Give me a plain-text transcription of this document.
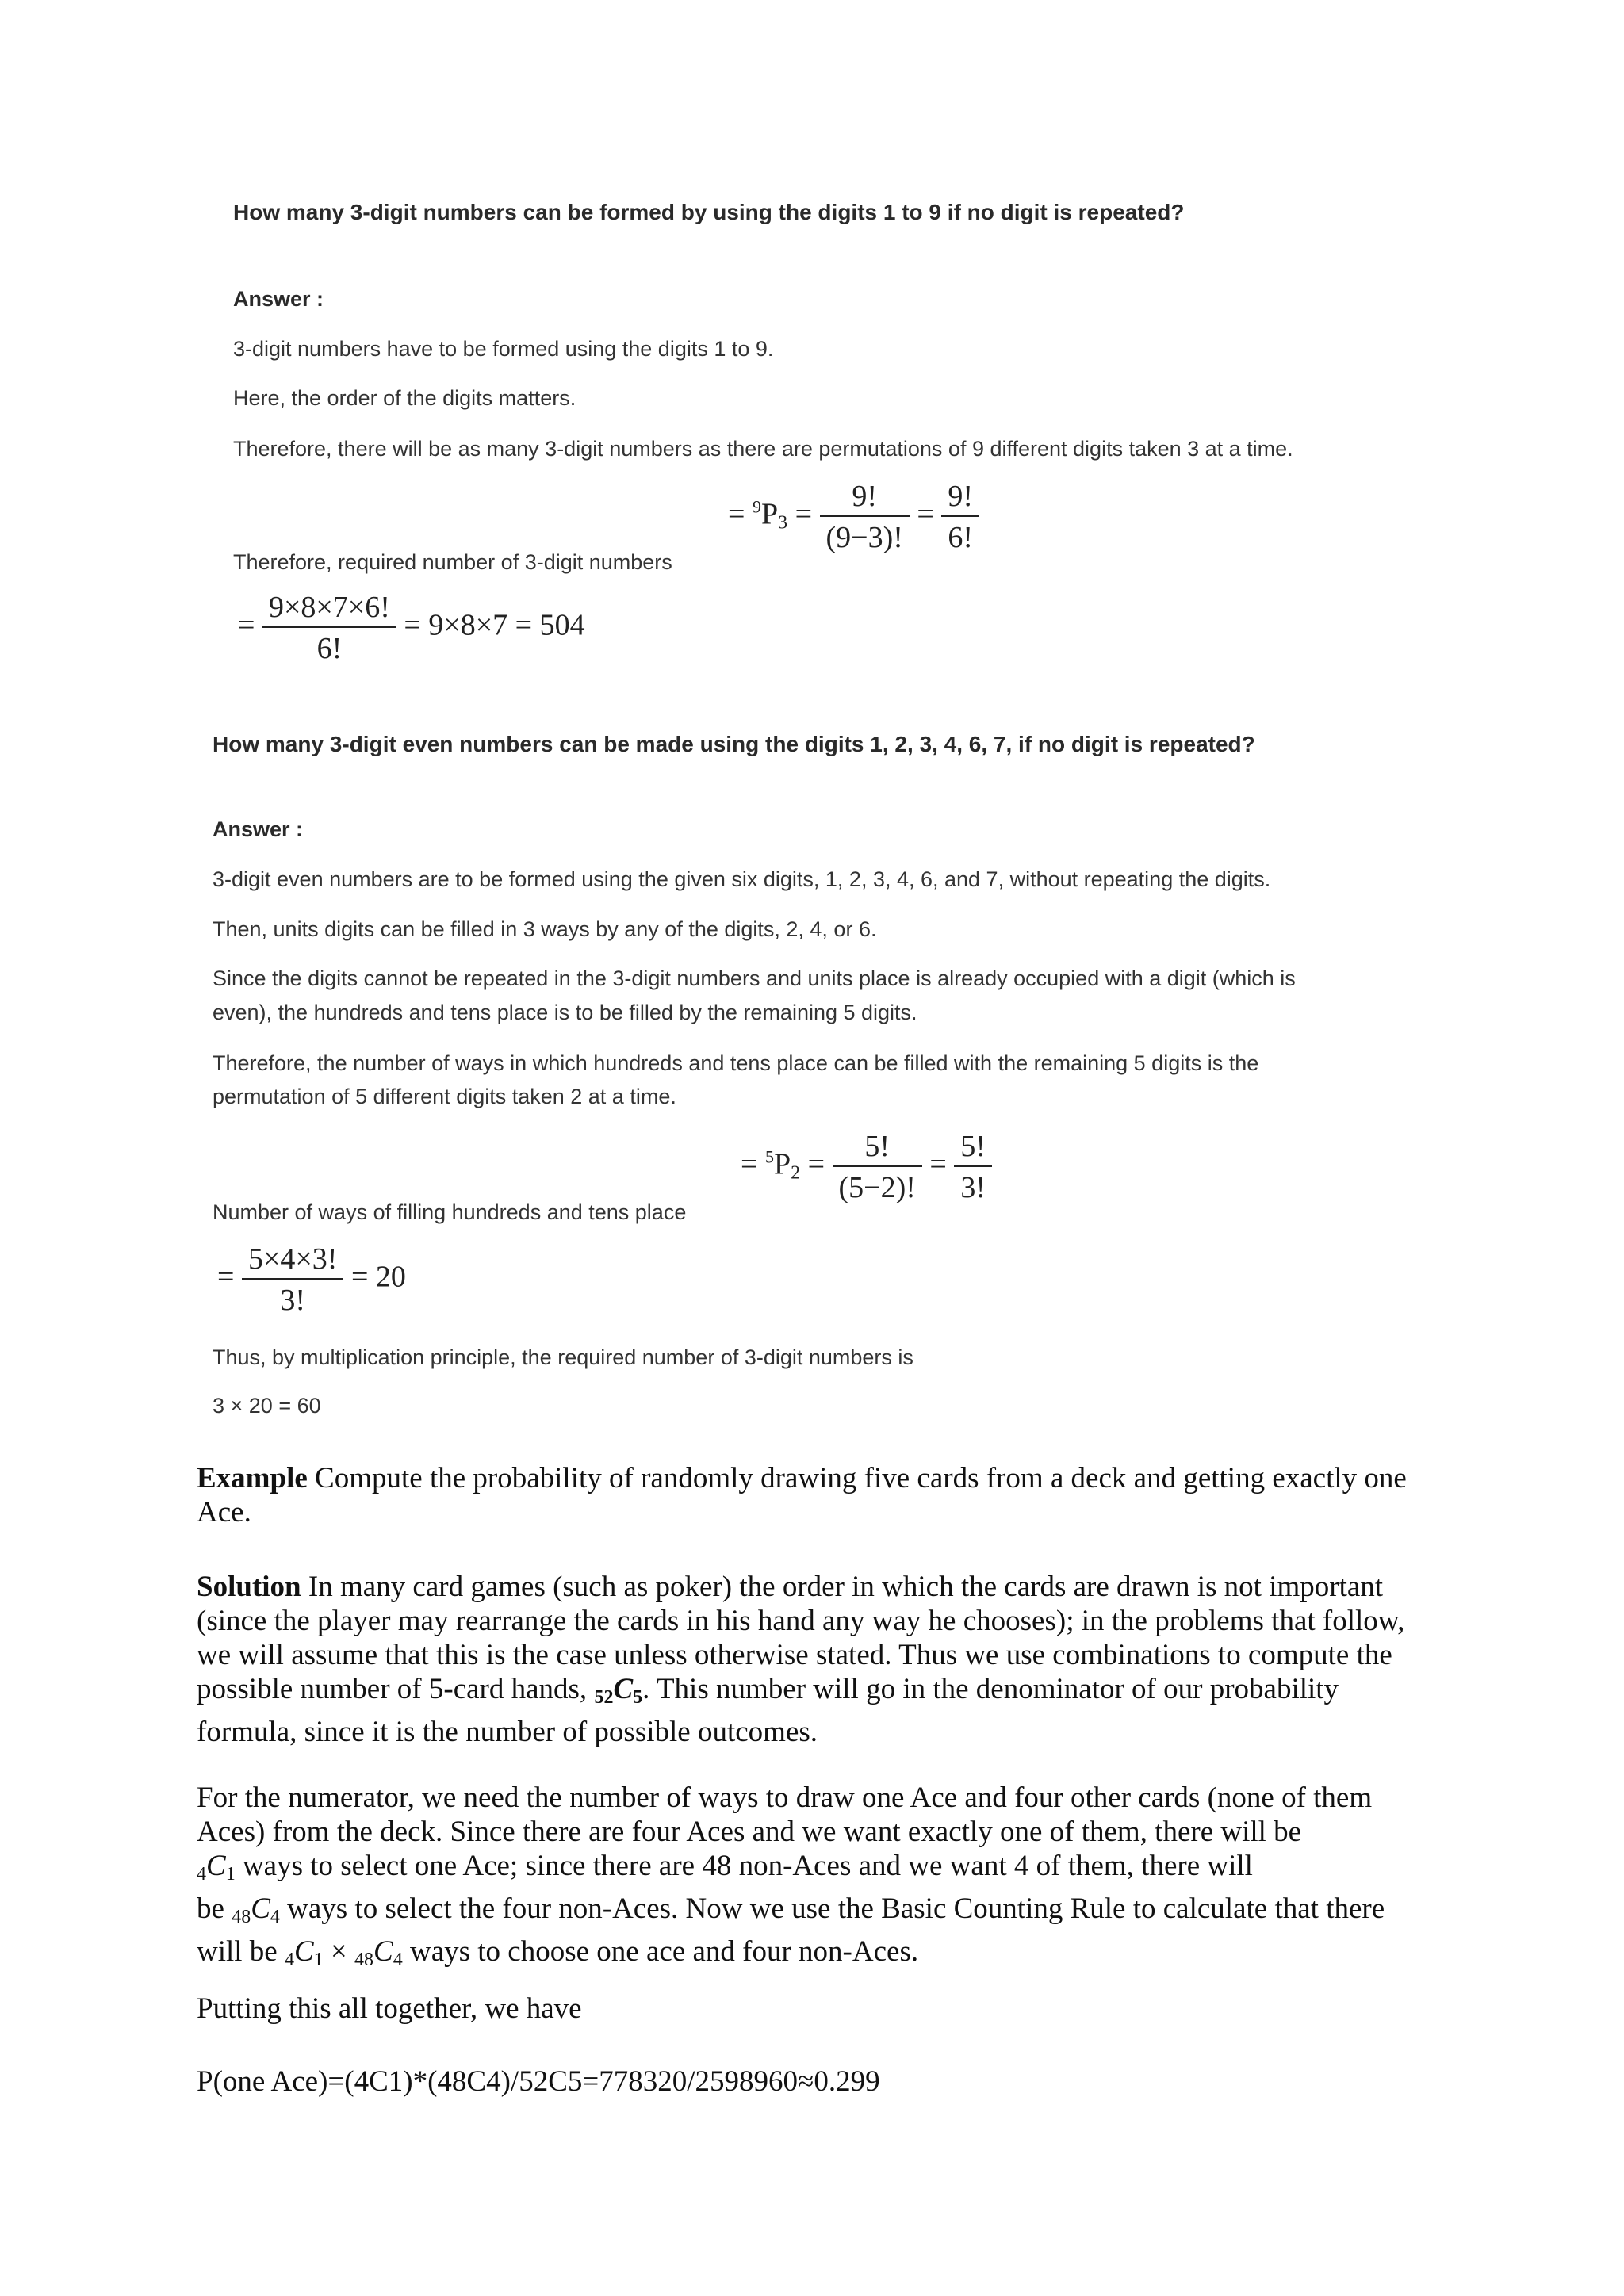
How many 3-digit numbers can be formed by using the digits 1 to 9 if no digit is repeated?
Answer :
3-digit numbers have to be formed using the digits 1 to 9.
Here, the order of the digits matters.
Therefore, there will be as many 3-digit numbers as there are permutations of 9 different digits taken 3 at a time.
= $^9P_3 = \frac{9!}{(9-3)!} = \frac{9!}{6!}$
Therefore, required number of 3-digit numbers
= $\frac{9\times 8\times 7\times 6!}{6!} = 9\times 8\times 7 = 504$
How many 3-digit even numbers can be made using the digits 1, 2, 3, 4, 6, 7, if no digit is repeated?
Answer :
3-digit even numbers are to be formed using the given six digits, 1, 2, 3, 4, 6, and 7, without repeating the digits.
Then, units digits can be filled in 3 ways by any of the digits, 2, 4, or 6.
Since the digits cannot be repeated in the 3-digit numbers and units place is already occupied with a digit (which is
even), the hundreds and tens place is to be filled by the remaining 5 digits.
Therefore, the number of ways in which hundreds and tens place can be filled with the remaining 5 digits is the
permutation of 5 different digits taken 2 at a time.
= $^5P_2 = \frac{5!}{(5-2)!} = \frac{5!}{3!}$
Number of ways of filling hundreds and tens place
= $\frac{5\times 4\times 3!}{3!} = 20$
Thus, by multiplication principle, the required number of 3-digit numbers is
3 × 20 = 60
Example Compute the probability of randomly drawing five cards from a deck and getting exactly one Ace.
Solution In many card games (such as poker) the order in which the cards are drawn is not important (since the player may rearrange the cards in his hand any way he chooses); in the problems that follow, we will assume that this is the case unless otherwise stated. Thus we use combinations to compute the possible number of 5-card hands, $_{52}C_5$. This number will go in the denominator of our probability formula, since it is the number of possible outcomes.
For the numerator, we need the number of ways to draw one Ace and four other cards (none of them Aces) from the deck. Since there are four Aces and we want exactly one of them, there will be
$_4C_1$ ways to select one Ace; since there are 48 non-Aces and we want 4 of them, there will
be $_{48}C_4$ ways to select the four non-Aces. Now we use the Basic Counting Rule to calculate that there will be $_4C_1 \times _{48}C_4$ ways to choose one ace and four non-Aces.
Putting this all together, we have
P(one Ace)=(4C1)*(48C4)/52C5=778320/2598960≈0.299
